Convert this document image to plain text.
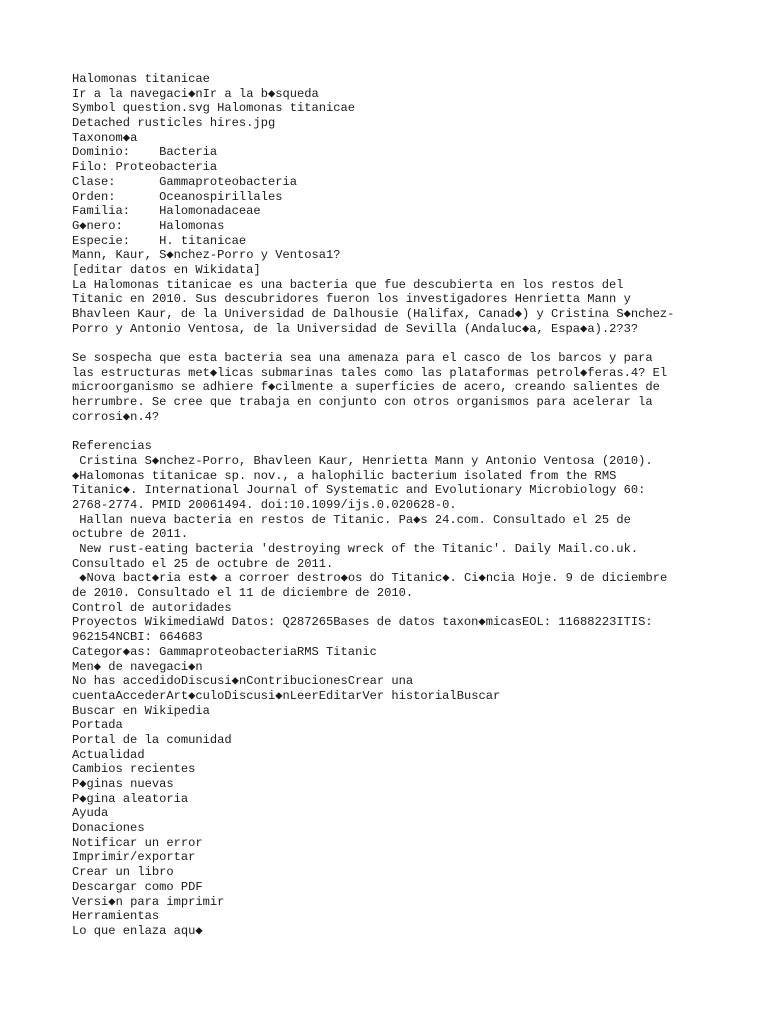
Halomonas titanicae
Ir a la navegaci◆nIr a la b◆squeda
Symbol question.svg Halomonas titanicae
Detached rusticles hires.jpg
Taxonom◆a
Dominio:    Bacteria
Filo: Proteobacteria
Clase:      Gammaproteobacteria
Orden:      Oceanospirillales
Familia:    Halomonadaceae
G◆nero:     Halomonas
Especie:    H. titanicae
Mann, Kaur, S◆nchez-Porro y Ventosa1?
[editar datos en Wikidata]
La Halomonas titanicae es una bacteria que fue descubierta en los restos del
Titanic en 2010. Sus descubridores fueron los investigadores Henrietta Mann y
Bhavleen Kaur, de la Universidad de Dalhousie (Halifax, Canad◆) y Cristina S◆nchez-
Porro y Antonio Ventosa, de la Universidad de Sevilla (Andaluc◆a, Espa◆a).2?3?
Se sospecha que esta bacteria sea una amenaza para el casco de los barcos y para
las estructuras met◆licas submarinas tales como las plataformas petrol◆feras.4? El
microorganismo se adhiere f◆cilmente a superficies de acero, creando salientes de
herrumbre. Se cree que trabaja en conjunto con otros organismos para acelerar la
corrosi◆n.4?
Referencias
Cristina S◆nchez-Porro, Bhavleen Kaur, Henrietta Mann y Antonio Ventosa (2010).
◆Halomonas titanicae sp. nov., a halophilic bacterium isolated from the RMS
Titanic◆. International Journal of Systematic and Evolutionary Microbiology 60:
2768-2774. PMID 20061494. doi:10.1099/ijs.0.020628-0.
Hallan nueva bacteria en restos de Titanic. Pa◆s 24.com. Consultado el 25 de
octubre de 2011.
New rust-eating bacteria 'destroying wreck of the Titanic'. Daily Mail.co.uk.
Consultado el 25 de octubre de 2011.
◆Nova bact◆ria est◆ a corroer destro◆os do Titanic◆. Ci◆ncia Hoje. 9 de diciembre
de 2010. Consultado el 11 de diciembre de 2010.
Control de autoridades
Proyectos WikimediaWd Datos: Q287265Bases de datos taxon◆micasEOL: 11688223ITIS:
962154NCBI: 664683
Categor◆as: GammaproteobacteriaRMS Titanic
Men◆ de navegaci◆n
No has accedidoDiscusi◆nContribucionesCrear una
cuentaAccederArt◆culoDiscusi◆nLeerEditarVer historialBuscar
Buscar en Wikipedia
Portada
Portal de la comunidad
Actualidad
Cambios recientes
P◆ginas nuevas
P◆gina aleatoria
Ayuda
Donaciones
Notificar un error
Imprimir/exportar
Crear un libro
Descargar como PDF
Versi◆n para imprimir
Herramientas
Lo que enlaza aqu◆
